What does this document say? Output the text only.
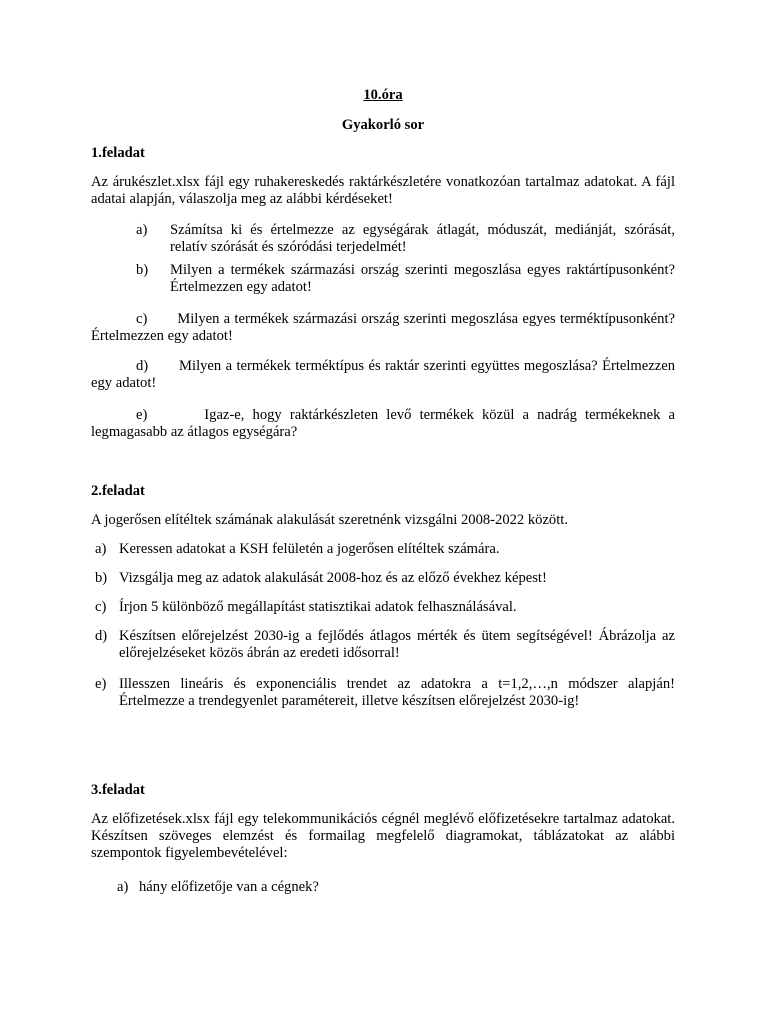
10.óra

Gyakorló sor

1.feladat

Az árukészlet.xlsx fájl egy ruhakereskedés raktárkészletére vonatkozóan tartalmaz adatokat. A fájl adatai alapján, válaszolja meg az alábbi kérdéseket!

a) Számítsa ki és értelmezze az egységárak átlagát, móduszát, mediánját, szórását, relatív szórását és szóródási terjedelmét!
b) Milyen a termékek származási ország szerinti megoszlása egyes raktártípusonként? Értelmezzen egy adatot!

c) Milyen a termékek származási ország szerinti megoszlása egyes terméktípusonként? Értelmezzen egy adatot!

d) Milyen a termékek terméktípus és raktár szerinti együttes megoszlása? Értelmezzen egy adatot!

e)	Igaz-e, hogy raktárkészleten levő termékek közül a nadrág termékeknek a legmagasabb az átlagos egységára?

2.feladat

A jogerősen elítéltek számának alakulását szeretnénk vizsgálni 2008-2022 között.

a) Keressen adatokat a KSH felületén a jogerősen elítéltek számára.
b) Vizsgálja meg az adatok alakulását 2008-hoz és az előző évekhez képest!
c) Írjon 5 különböző megállapítást statisztikai adatok felhasználásával.
d) Készítsen előrejelzést 2030-ig a fejlődés átlagos mérték és ütem segítségével! Ábrázolja az előrejelzéseket közös ábrán az eredeti idősorral!
e) Illesszen lineáris és exponenciális trendet az adatokra a t=1,2,…,n módszer alapján! Értelmezze a trendegyenlet paramétereit, illetve készítsen előrejelzést 2030-ig!

3.feladat

Az előfizetések.xlsx fájl egy telekommunikációs cégnél meglévő előfizetésekre tartalmaz adatokat. Készítsen szöveges elemzést és formailag megfelelő diagramokat, táblázatokat az alábbi szempontok figyelembevételével:

a) hány előfizetője van a cégnek?
